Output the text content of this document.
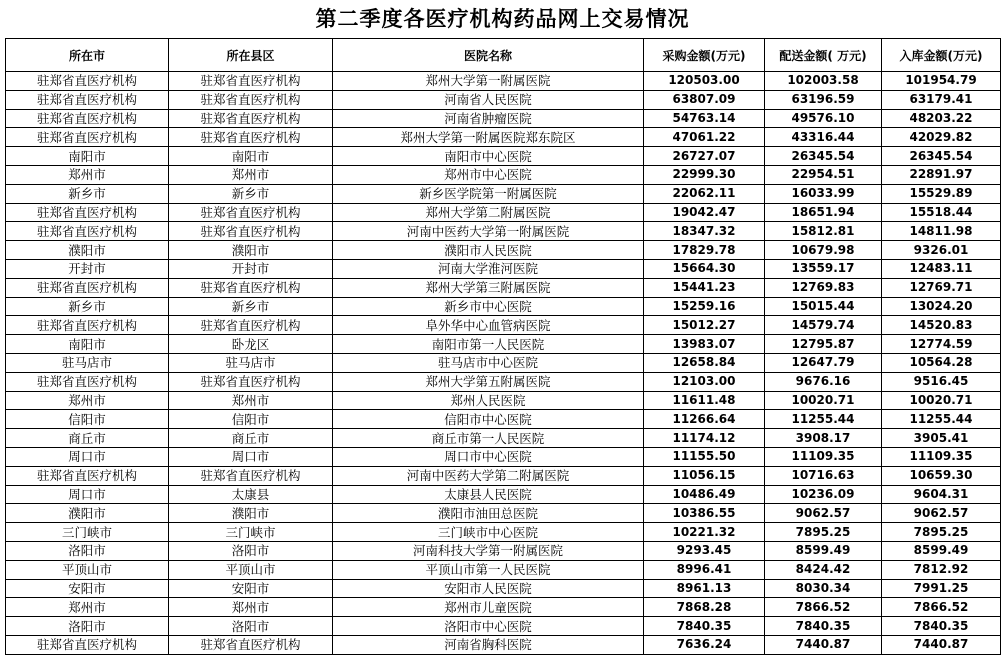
第二季度各医疗机构药品网上交易情况
所在市	所在县区	医院名称	采购金额(万元)	配送金额( 万元)	入库金额(万元)
驻郑省直医疗机构	驻郑省直医疗机构	郑州大学第一附属医院	120503.00	102003.58	101954.79
驻郑省直医疗机构	驻郑省直医疗机构	河南省人民医院	63807.09	63196.59	63179.41
驻郑省直医疗机构	驻郑省直医疗机构	河南省肿瘤医院	54763.14	49576.10	48203.22
驻郑省直医疗机构	驻郑省直医疗机构	郑州大学第一附属医院郑东院区	47061.22	43316.44	42029.82
南阳市	南阳市	南阳市中心医院	26727.07	26345.54	26345.54
郑州市	郑州市	郑州市中心医院	22999.30	22954.51	22891.97
新乡市	新乡市	新乡医学院第一附属医院	22062.11	16033.99	15529.89
驻郑省直医疗机构	驻郑省直医疗机构	郑州大学第二附属医院	19042.47	18651.94	15518.44
驻郑省直医疗机构	驻郑省直医疗机构	河南中医药大学第一附属医院	18347.32	15812.81	14811.98
濮阳市	濮阳市	濮阳市人民医院	17829.78	10679.98	9326.01
开封市	开封市	河南大学淮河医院	15664.30	13559.17	12483.11
驻郑省直医疗机构	驻郑省直医疗机构	郑州大学第三附属医院	15441.23	12769.83	12769.71
新乡市	新乡市	新乡市中心医院	15259.16	15015.44	13024.20
驻郑省直医疗机构	驻郑省直医疗机构	阜外华中心血管病医院	15012.27	14579.74	14520.83
南阳市	卧龙区	南阳市第一人民医院	13983.07	12795.87	12774.59
驻马店市	驻马店市	驻马店市中心医院	12658.84	12647.79	10564.28
驻郑省直医疗机构	驻郑省直医疗机构	郑州大学第五附属医院	12103.00	9676.16	9516.45
郑州市	郑州市	郑州人民医院	11611.48	10020.71	10020.71
信阳市	信阳市	信阳市中心医院	11266.64	11255.44	11255.44
商丘市	商丘市	商丘市第一人民医院	11174.12	3908.17	3905.41
周口市	周口市	周口市中心医院	11155.50	11109.35	11109.35
驻郑省直医疗机构	驻郑省直医疗机构	河南中医药大学第二附属医院	11056.15	10716.63	10659.30
周口市	太康县	太康县人民医院	10486.49	10236.09	9604.31
濮阳市	濮阳市	濮阳市油田总医院	10386.55	9062.57	9062.57
三门峡市	三门峡市	三门峡市中心医院	10221.32	7895.25	7895.25
洛阳市	洛阳市	河南科技大学第一附属医院	9293.45	8599.49	8599.49
平顶山市	平顶山市	平顶山市第一人民医院	8996.41	8424.42	7812.92
安阳市	安阳市	安阳市人民医院	8961.13	8030.34	7991.25
郑州市	郑州市	郑州市儿童医院	7868.28	7866.52	7866.52
洛阳市	洛阳市	洛阳市中心医院	7840.35	7840.35	7840.35
驻郑省直医疗机构	驻郑省直医疗机构	河南省胸科医院	7636.24	7440.87	7440.87
